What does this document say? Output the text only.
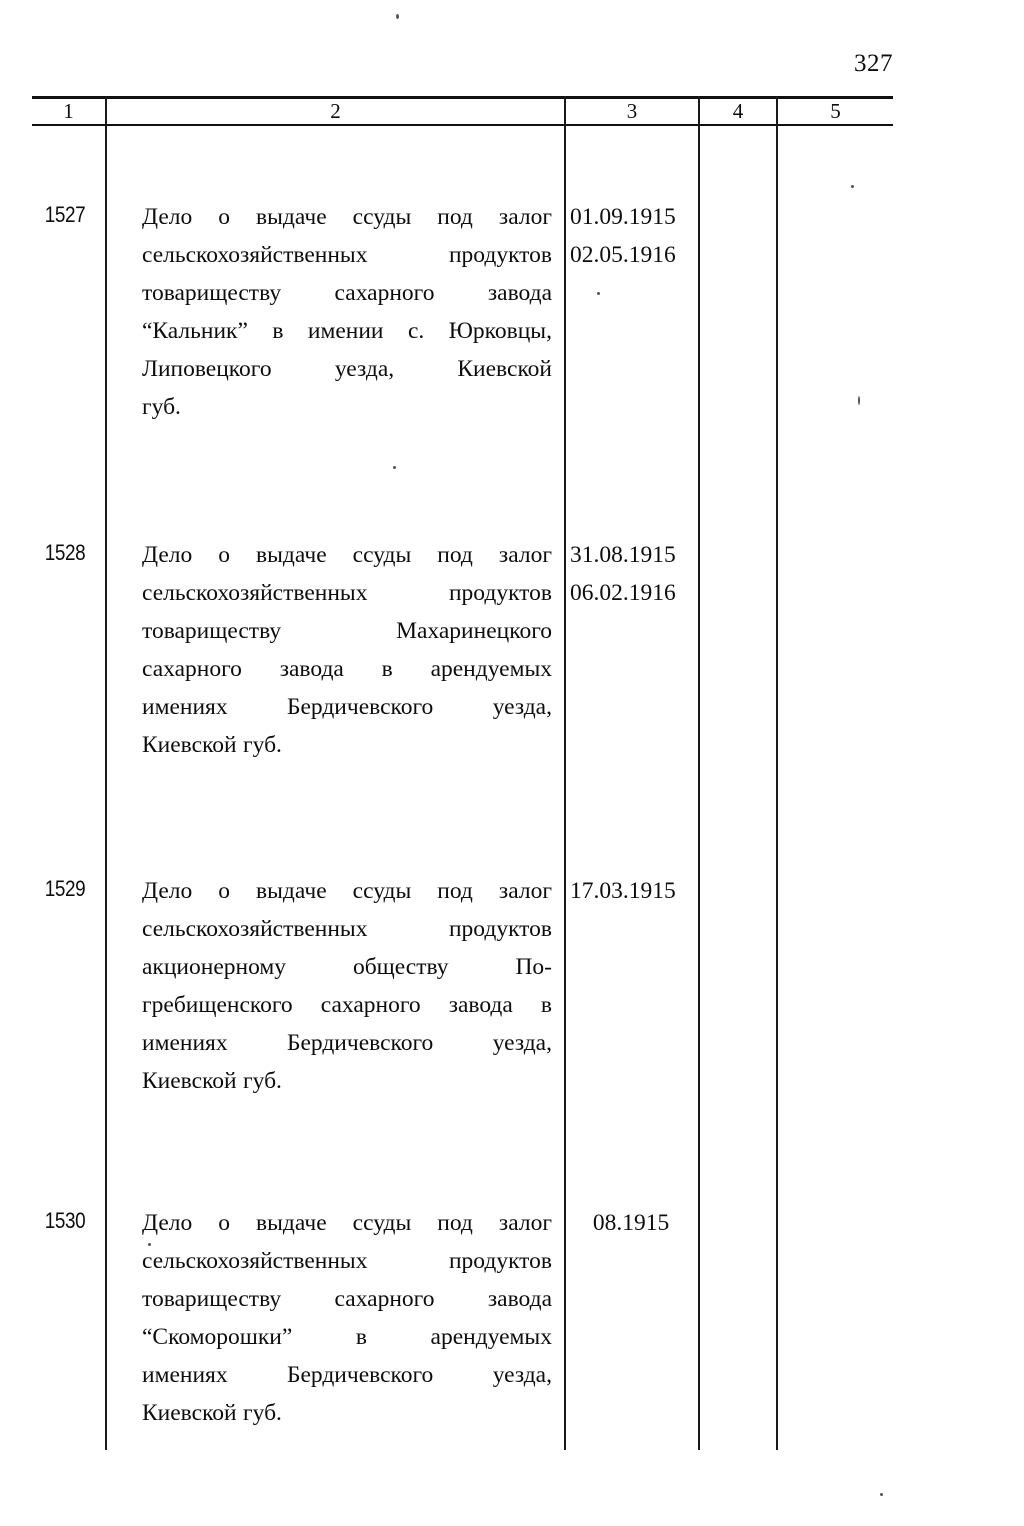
327
1	2	3	4	5
1527	Дело о выдаче ссуды под залог
сельскохозяйственных	продуктов
товариществу сахарного завода
“Кальник” в имении с. Юрковцы,
Липовецкого	уезда,	Киевской
губ.
01.09.1915
02.05.1916
1528	Дело о выдаче ссуды под залог
сельскохозяйственных	продуктов
товариществу	Махаринецкого
сахарного завода в арендуемых
имениях	Бердичевского	уезда,
Киевской губ.
31.08.1915
06.02.1916
1529	Дело о выдаче ссуды под залог
сельскохозяйственных	продуктов
акционерному	обществу	По-
гребищенского сахарного завода в
имениях	Бердичевского	уезда,
Киевской губ.
17.03.1915
1530	Дело о выдаче ссуды под залог
сельскохозяйственных	продуктов
товариществу сахарного завода
“Скоморошки”	в	арендуемых
имениях	Бердичевского	уезда,
Киевской губ.
08.1915
